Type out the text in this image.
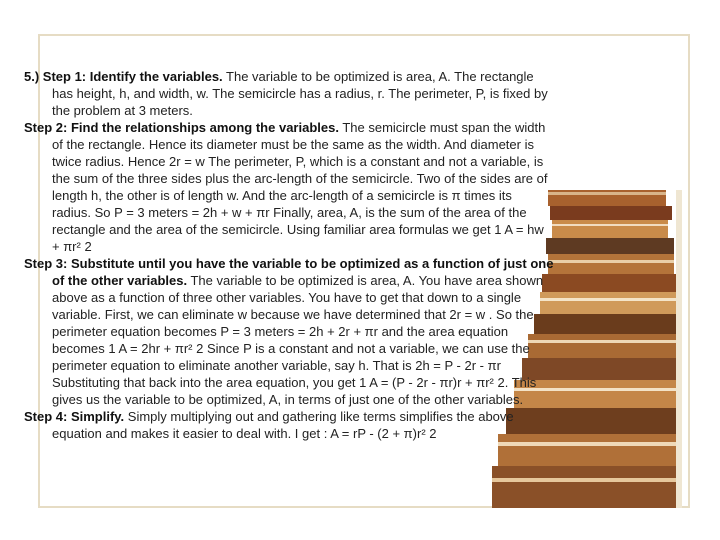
5.) Step 1: Identify the variables. The variable to be optimized is area, A. The rectangle has height, h, and width, w. The semicircle has a radius, r. The perimeter, P, is fixed by the problem at 3 meters.

Step 2: Find the relationships among the variables. The semicircle must span the width of the rectangle. Hence its diameter must be the same as the width. And diameter is twice radius. Hence 2r = w The perimeter, P, which is a constant and not a variable, is the sum of the three sides plus the arc-length of the semicircle. Two of the sides are of length h, the other is of length w. And the arc-length of a semicircle is π times its radius. So P = 3 meters = 2h + w + πr Finally, area, A, is the sum of the area of the rectangle and the area of the semicircle. Using familiar area formulas we get 1 A = hw + πr² 2

Step 3: Substitute until you have the variable to be optimized as a function of just one of the other variables. The variable to be optimized is area, A. You have area shown above as a function of three other variables. You have to get that down to a single variable. First, we can eliminate w because we have determined that 2r = w . So the perimeter equation becomes P = 3 meters = 2h + 2r + πr and the area equation becomes 1 A = 2hr + πr² 2 Since P is a constant and not a variable, we can use the perimeter equation to eliminate another variable, say h. That is 2h = P - 2r - πr Substituting that back into the area equation, you get 1 A = (P - 2r - πr)r + πr² 2. This gives us the variable to be optimized, A, in terms of just one of the other variables.

Step 4: Simplify. Simply multiplying out and gathering like terms simplifies the above equation and makes it easier to deal with. I get : A = rP - (2 + π)r² 2
